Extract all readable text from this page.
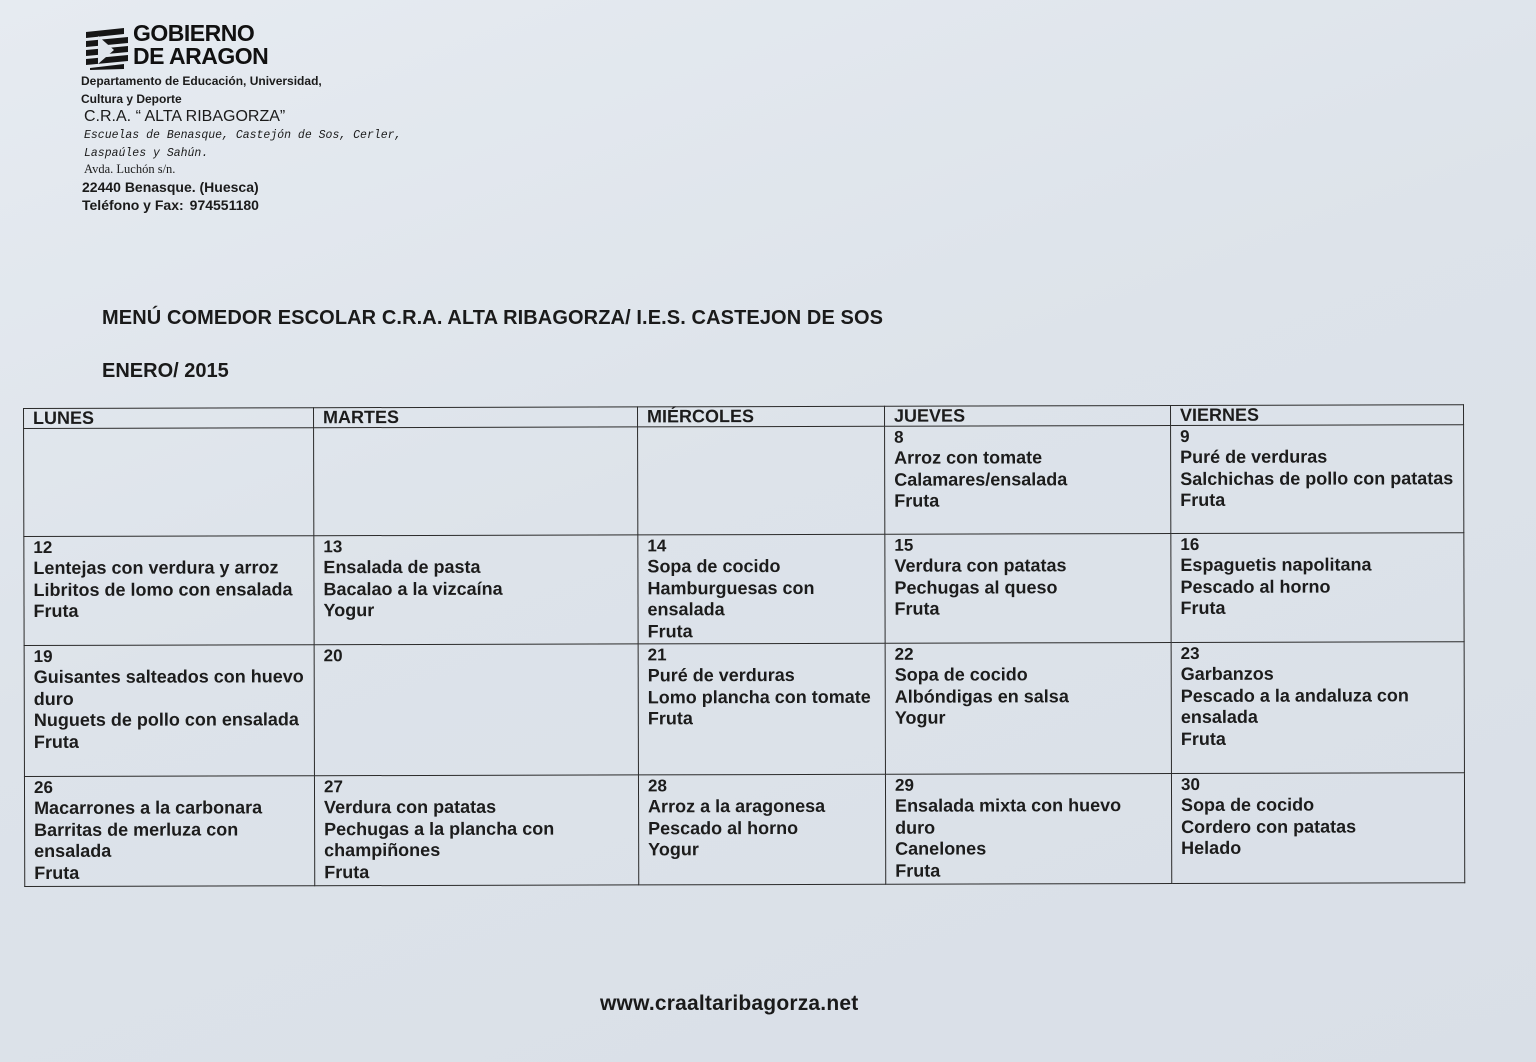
GOBIERNO
DE ARAGON
Departamento de Educación, Universidad, Cultura y Deporte
C.R.A. “ ALTA RIBAGORZA”
Escuelas de Benasque, Castejón de Sos, Cerler, Laspaúles y Sahún.
Avda. Luchón s/n.
22440 Benasque. (Huesca)
Teléfono y Fax: 974551180
MENÚ COMEDOR ESCOLAR C.R.A. ALTA RIBAGORZA/ I.E.S. CASTEJON DE SOS
ENERO/ 2015
LUNES	MARTES	MIÉRCOLES	JUEVES	VIERNES

			8
Arroz con tomate
Calamares/ensalada
Fruta	9
Puré de verduras
Salchichas de pollo con patatas
Fruta

12
Lentejas con verdura y arroz
Libritos de lomo con ensalada
Fruta	13
Ensalada de pasta
Bacalao a la vizcaína
Yogur	14
Sopa de cocido
Hamburguesas con ensalada
Fruta	15
Verdura con patatas
Pechugas al queso
Fruta	16
Espaguetis napolitana
Pescado al horno
Fruta

19
Guisantes salteados con huevo duro
Nuguets de pollo con ensalada
Fruta	20	21
Puré de verduras
Lomo plancha con tomate
Fruta	22
Sopa de cocido
Albóndigas en salsa
Yogur	23
Garbanzos
Pescado a la andaluza con ensalada
Fruta

26
Macarrones a la carbonara
Barritas de merluza con ensalada
Fruta	27
Verdura con patatas
Pechugas a la plancha con champiñones
Fruta	28
Arroz a la aragonesa
Pescado al horno
Yogur	29
Ensalada mixta con huevo duro
Canelones
Fruta	30
Sopa de cocido
Cordero con patatas
Helado
www.craaltaribagorza.net
